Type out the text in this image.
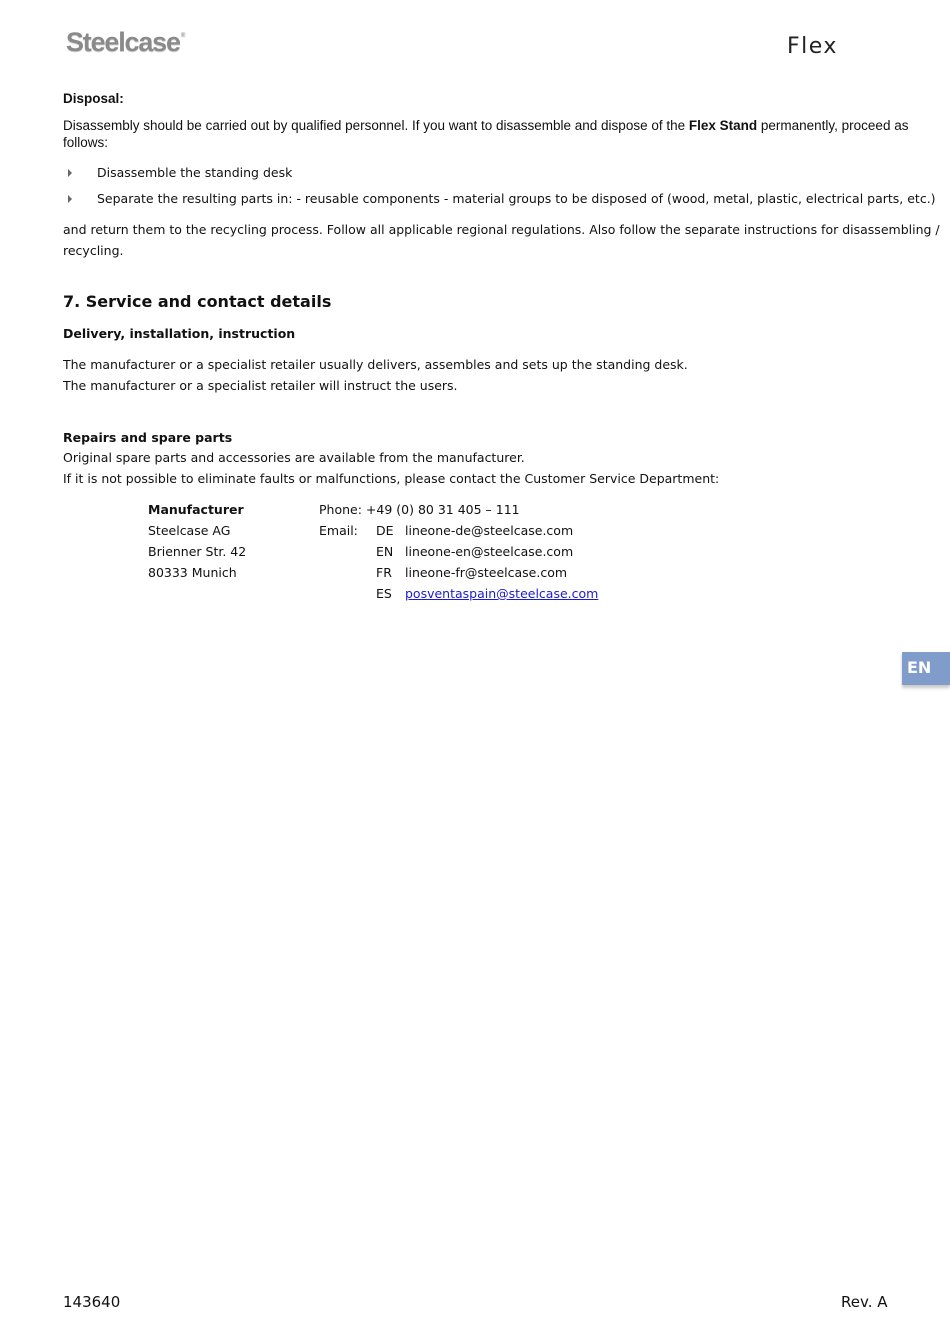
Steelcase®	Flex
Disposal:
Disassembly should be carried out by qualified personnel. If you want to disassemble and dispose of the Flex Stand permanently, proceed as
follows:
Disassemble the standing desk
Separate the resulting parts in: - reusable components - material groups to be disposed of (wood, metal, plastic, electrical parts, etc.)
and return them to the recycling process. Follow all applicable regional regulations. Also follow the separate instructions for disassembling /
recycling.
7. Service and contact details
Delivery, installation, instruction
The manufacturer or a specialist retailer usually delivers, assembles and sets up the standing desk.
The manufacturer or a specialist retailer will instruct the users.
Repairs and spare parts
Original spare parts and accessories are available from the manufacturer.
If it is not possible to eliminate faults or malfunctions, please contact the Customer Service Department:
Manufacturer
Steelcase AG
Brienner Str. 42
80333 Munich
Phone: +49 (0) 80 31 405 – 111
Email: DE lineone-de@steelcase.com
EN lineone-en@steelcase.com
FR lineone-fr@steelcase.com
ES posventaspain@steelcase.com
EN
143640	Rev. A
